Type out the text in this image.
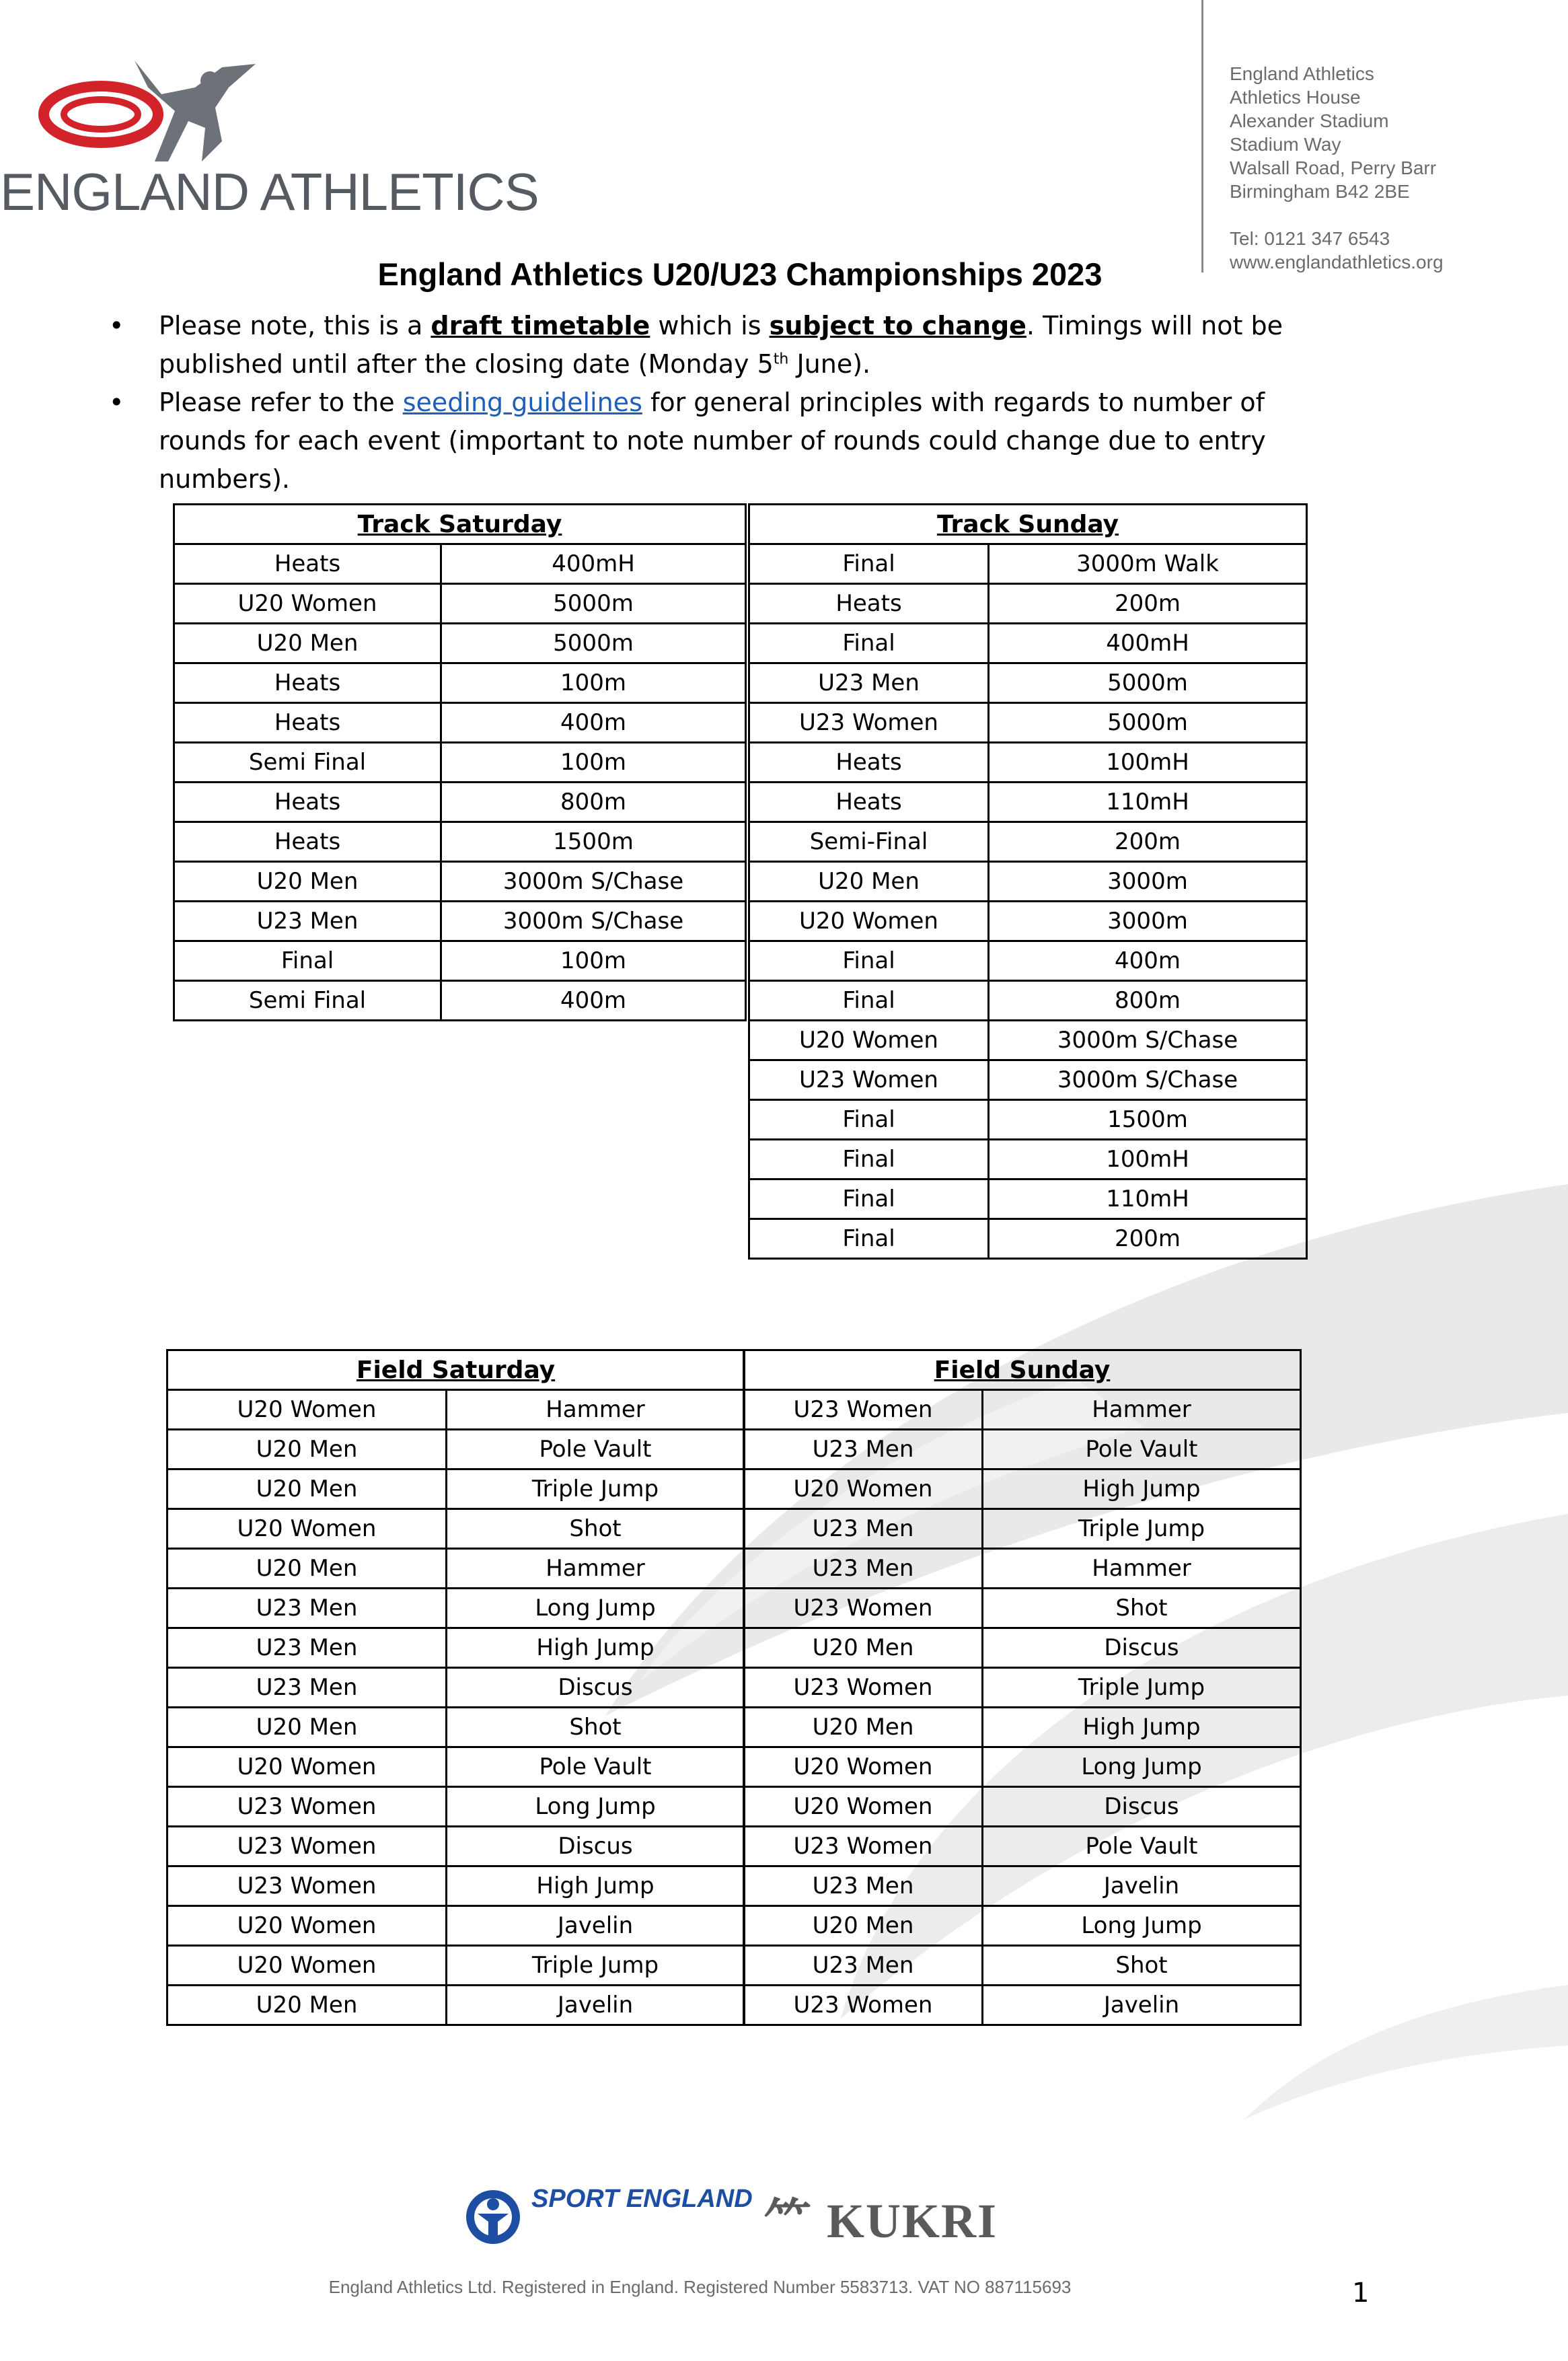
ENGLAND ATHLETICS
England Athletics
Athletics House
Alexander Stadium
Stadium Way
Walsall Road, Perry Barr
Birmingham B42 2BE
Tel: 0121 347 6543
www.englandathletics.org
England Athletics U20/U23 Championships 2023
• Please note, this is a draft timetable which is subject to change. Timings will not be published until after the closing date (Monday 5th June).
• Please refer to the seeding guidelines for general principles with regards to number of rounds for each event (important to note number of rounds could change due to entry numbers).
Track Saturday	
Heats	400mH
U20 Women	5000m
U20 Men	5000m
Heats	100m
Heats	400m
Semi Final	100m
Heats	800m
Heats	1500m
U20 Men	3000m S/Chase
U23 Men	3000m S/Chase
Final	100m
Semi Final	400m
Track Sunday	
Final	3000m Walk
Heats	200m
Final	400mH
U23 Men	5000m
U23 Women	5000m
Heats	100mH
Heats	110mH
Semi-Final	200m
U20 Men	3000m
U20 Women	3000m
Final	400m
Final	800m
U20 Women	3000m S/Chase
U23 Women	3000m S/Chase
Final	1500m
Final	100mH
Final	110mH
Final	200m
Field Saturday	
U20 Women	Hammer
U20 Men	Pole Vault
U20 Men	Triple Jump
U20 Women	Shot
U20 Men	Hammer
U23 Men	Long Jump
U23 Men	High Jump
U23 Men	Discus
U20 Men	Shot
U20 Women	Pole Vault
U23 Women	Long Jump
U23 Women	Discus
U23 Women	High Jump
U20 Women	Javelin
U20 Women	Triple Jump
U20 Men	Javelin
Field Sunday	
U23 Women	Hammer
U23 Men	Pole Vault
U20 Women	High Jump
U23 Men	Triple Jump
U23 Men	Hammer
U23 Women	Shot
U20 Men	Discus
U23 Women	Triple Jump
U20 Men	High Jump
U20 Women	Long Jump
U20 Women	Discus
U23 Women	Pole Vault
U23 Men	Javelin
U20 Men	Long Jump
U23 Men	Shot
U23 Women	Javelin
SPORT ENGLAND ⺮ KUKRI
England Athletics Ltd. Registered in England. Registered Number 5583713. VAT NO 887115693	1
